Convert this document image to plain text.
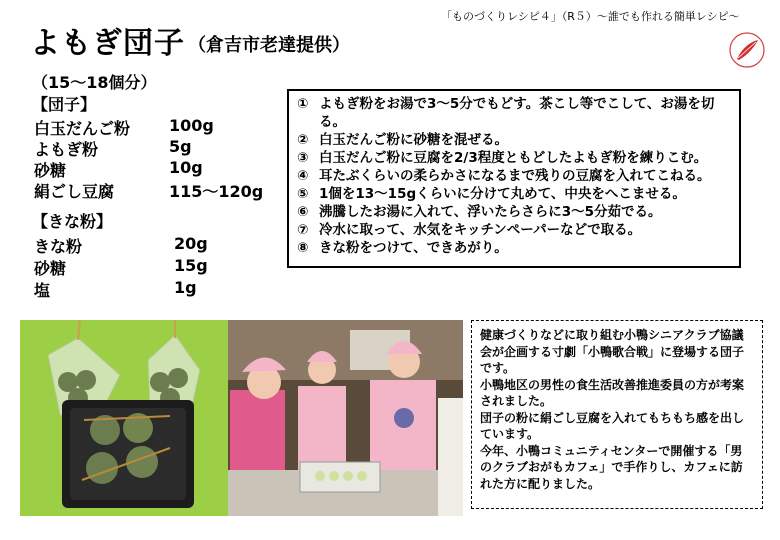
よもぎ団子 （倉吉市老達提供）
「ものづくりレシピ４」（R５）～誰でも作れる簡単レシピ～
（15～18個分）
【団子】
白玉だんご粉 100g
よもぎ粉	5g
砂糖	10g
絹ごし豆腐	115～120g
【きな粉】
きな粉	20g
砂糖	15g
塩	1g
① よもぎ粉をお湯で3～5分でもどす。茶こし等でこして、お湯を切る。
② 白玉だんご粉に砂糖を混ぜる。
③ 白玉だんご粉に豆腐を2/3程度ともどしたよもぎ粉を練りこむ。
④ 耳たぶくらいの柔らかさになるまで残りの豆腐を入れてこねる。
⑤ 1個を13～15gくらいに分けて丸めて、中央をへこませる。
⑥ 沸騰したお湯に入れて、浮いたらさらに3～5分茹でる。
⑦ 冷水に取って、水気をキッチンペーパーなどで取る。
⑧ きな粉をつけて、できあがり。
健康づくりなどに取り組む小鴨シニアクラブ協議会が企画する寸劇「小鴨歌合戦」に登場する団子です。
小鴨地区の男性の食生活改善推進委員の方が考案されました。
団子の粉に絹ごし豆腐を入れてもちもち感を出しています。
今年、小鴨コミュニティセンターで開催する「男のクラブおがもカフェ」で手作りし、カフェに訪れた方に配りました。
